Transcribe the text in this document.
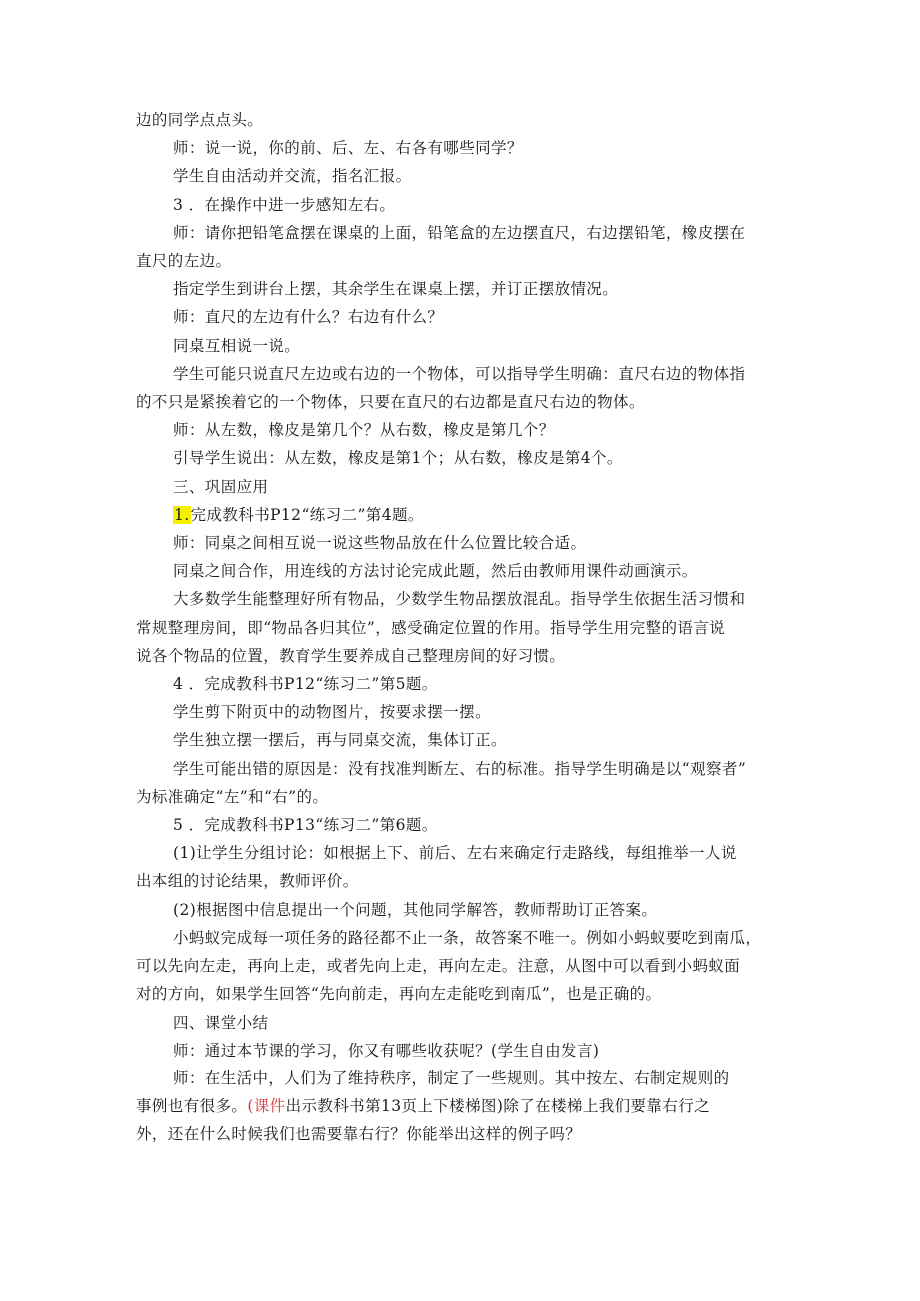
边的同学点点头。

师：说一说，你的前、后、左、右各有哪些同学？

学生自由活动并交流，指名汇报。

3 ．在操作中进一步感知左右。

师：请你把铅笔盒摆在课桌的上面，铅笔盒的左边摆直尺，右边摆铅笔，橡皮摆在
直尺的左边。

指定学生到讲台上摆，其余学生在课桌上摆，并订正摆放情况。

师：直尺的左边有什么？右边有什么？

同桌互相说一说。

学生可能只说直尺左边或右边的一个物体，可以指导学生明确：直尺右边的物体指
的不只是紧挨着它的一个物体，只要在直尺的右边都是直尺右边的物体。

师：从左数，橡皮是第几个？从右数，橡皮是第几个？

引导学生说出：从左数，橡皮是第1个；从右数，橡皮是第4个。

三、巩固应用

1.完成教科书P12“练习二”第4题。

师：同桌之间相互说一说这些物品放在什么位置比较合适。

同桌之间合作，用连线的方法讨论完成此题，然后由教师用课件动画演示。

大多数学生能整理好所有物品，少数学生物品摆放混乱。指导学生依据生活习惯和
常规整理房间，即“物品各归其位”，感受确定位置的作用。指导学生用完整的语言说
说各个物品的位置，教育学生要养成自己整理房间的好习惯。

4 ．完成教科书P12“练习二”第5题。

学生剪下附页中的动物图片，按要求摆一摆。

学生独立摆一摆后，再与同桌交流，集体订正。

学生可能出错的原因是：没有找准判断左、右的标准。指导学生明确是以“观察者”
为标准确定“左”和“右”的。

5 ．完成教科书P13“练习二”第6题。

(1)让学生分组讨论：如根据上下、前后、左右来确定行走路线，每组推举一人说
出本组的讨论结果，教师评价。

(2)根据图中信息提出一个问题，其他同学解答，教师帮助订正答案。

小蚂蚁完成每一项任务的路径都不止一条，故答案不唯一。例如小蚂蚁要吃到南瓜，
可以先向左走，再向上走，或者先向上走，再向左走。注意，从图中可以看到小蚂蚁面
对的方向，如果学生回答“先向前走，再向左走能吃到南瓜”，也是正确的。

四、课堂小结

师：通过本节课的学习，你又有哪些收获呢？(学生自由发言)

师：在生活中，人们为了维持秩序，制定了一些规则。其中按左、右制定规则的
事例也有很多。(课件出示教科书第13页上下楼梯图)除了在楼梯上我们要靠右行之
外，还在什么时候我们也需要靠右行？你能举出这样的例子吗？
